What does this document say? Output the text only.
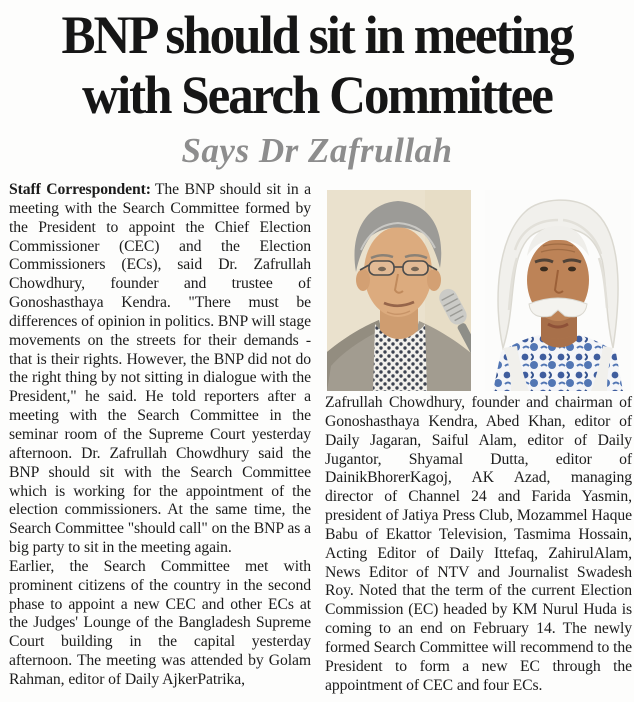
BNP should sit in meeting
with Search Committee
Says Dr Zafrullah

Staff Correspondent: The BNP should sit in a meeting with the Search Committee formed by the President to appoint the Chief Election Commissioner (CEC) and the Election Commissioners (ECs), said Dr. Zafrullah Chowdhury, founder and trustee of Gonoshasthaya Kendra. "There must be differences of opinion in politics. BNP will stage movements on the streets for their demands - that is their rights. However, the BNP did not do the right thing by not sitting in dialogue with the President," he said. He told reporters after a meeting with the Search Committee in the seminar room of the Supreme Court yesterday afternoon. Dr. Zafrullah Chowdhury said the BNP should sit with the Search Committee which is working for the appointment of the election commissioners. At the same time, the Search Committee "should call" on the BNP as a big party to sit in the meeting again.

Earlier, the Search Committee met with prominent citizens of the country in the second phase to appoint a new CEC and other ECs at the Judges' Lounge of the Bangladesh Supreme Court building in the capital yesterday afternoon. The meeting was attended by Golam Rahman, editor of Daily AjkerPatrika,

Zafrullah Chowdhury, founder and chairman of Gonoshasthaya Kendra, Abed Khan, editor of Daily Jagaran, Saiful Alam, editor of Daily Jugantor, Shyamal Dutta, editor of DainikBhorerKagoj, AK Azad, managing director of Channel 24 and Farida Yasmin, president of Jatiya Press Club, Mozammel Haque Babu of Ekattor Television, Tasmima Hossain, Acting Editor of Daily Ittefaq, ZahirulAlam, News Editor of NTV and Journalist Swadesh Roy. Noted that the term of the current Election Commission (EC) headed by KM Nurul Huda is coming to an end on February 14. The newly formed Search Committee will recommend to the President to form a new EC through the appointment of CEC and four ECs.
